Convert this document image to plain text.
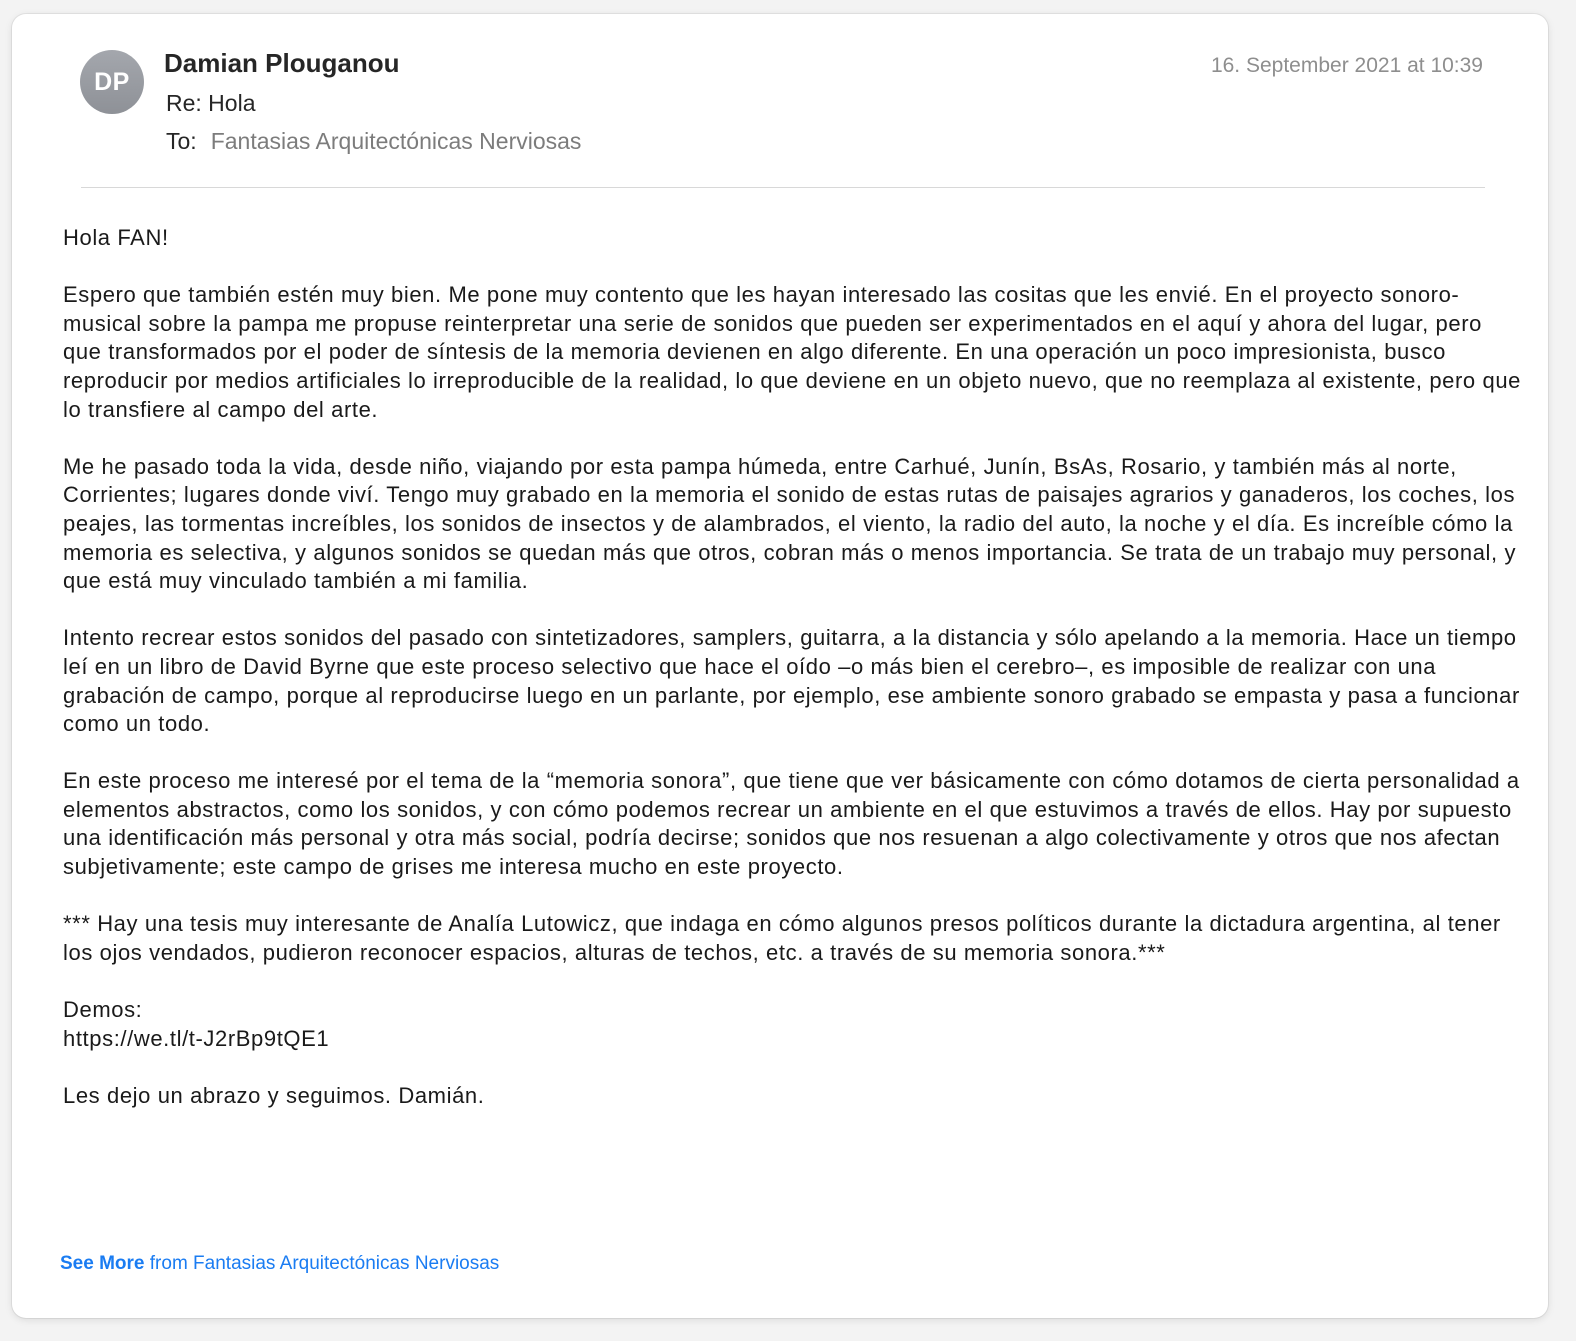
DP
Damian Plouganou
Re: Hola
To: Fantasias Arquitectónicas Nerviosas
16. September 2021 at 10:39

Hola FAN!

Espero que también estén muy bien. Me pone muy contento que les hayan interesado las cositas que les envié. En el proyecto sonoro-musical sobre la pampa me propuse reinterpretar una serie de sonidos que pueden ser experimentados en el aquí y ahora del lugar, pero que transformados por el poder de síntesis de la memoria devienen en algo diferente. En una operación un poco impresionista, busco reproducir por medios artificiales lo irreproducible de la realidad, lo que deviene en un objeto nuevo, que no reemplaza al existente, pero que lo transfiere al campo del arte.

Me he pasado toda la vida, desde niño, viajando por esta pampa húmeda, entre Carhué, Junín, BsAs, Rosario, y también más al norte, Corrientes; lugares donde viví. Tengo muy grabado en la memoria el sonido de estas rutas de paisajes agrarios y ganaderos, los coches, los peajes, las tormentas increíbles, los sonidos de insectos y de alambrados, el viento, la radio del auto, la noche y el día. Es increíble cómo la memoria es selectiva, y algunos sonidos se quedan más que otros, cobran más o menos importancia. Se trata de un trabajo muy personal, y que está muy vinculado también a mi familia.

Intento recrear estos sonidos del pasado con sintetizadores, samplers, guitarra, a la distancia y sólo apelando a la memoria. Hace un tiempo leí en un libro de David Byrne que este proceso selectivo que hace el oído –o más bien el cerebro–, es imposible de realizar con una grabación de campo, porque al reproducirse luego en un parlante, por ejemplo, ese ambiente sonoro grabado se empasta y pasa a funcionar como un todo.

En este proceso me interesé por el tema de la “memoria sonora”, que tiene que ver básicamente con cómo dotamos de cierta personalidad a elementos abstractos, como los sonidos, y con cómo podemos recrear un ambiente en el que estuvimos a través de ellos. Hay por supuesto una identificación más personal y otra más social, podría decirse; sonidos que nos resuenan a algo colectivamente y otros que nos afectan subjetivamente; este campo de grises me interesa mucho en este proyecto.

*** Hay una tesis muy interesante de Analía Lutowicz, que indaga en cómo algunos presos políticos durante la dictadura argentina, al tener los ojos vendados, pudieron reconocer espacios, alturas de techos, etc. a través de su memoria sonora.***

Demos:

https://we.tl/t-J2rBp9tQE1

Les dejo un abrazo y seguimos. Damián.

See More from Fantasias Arquitectónicas Nerviosas
